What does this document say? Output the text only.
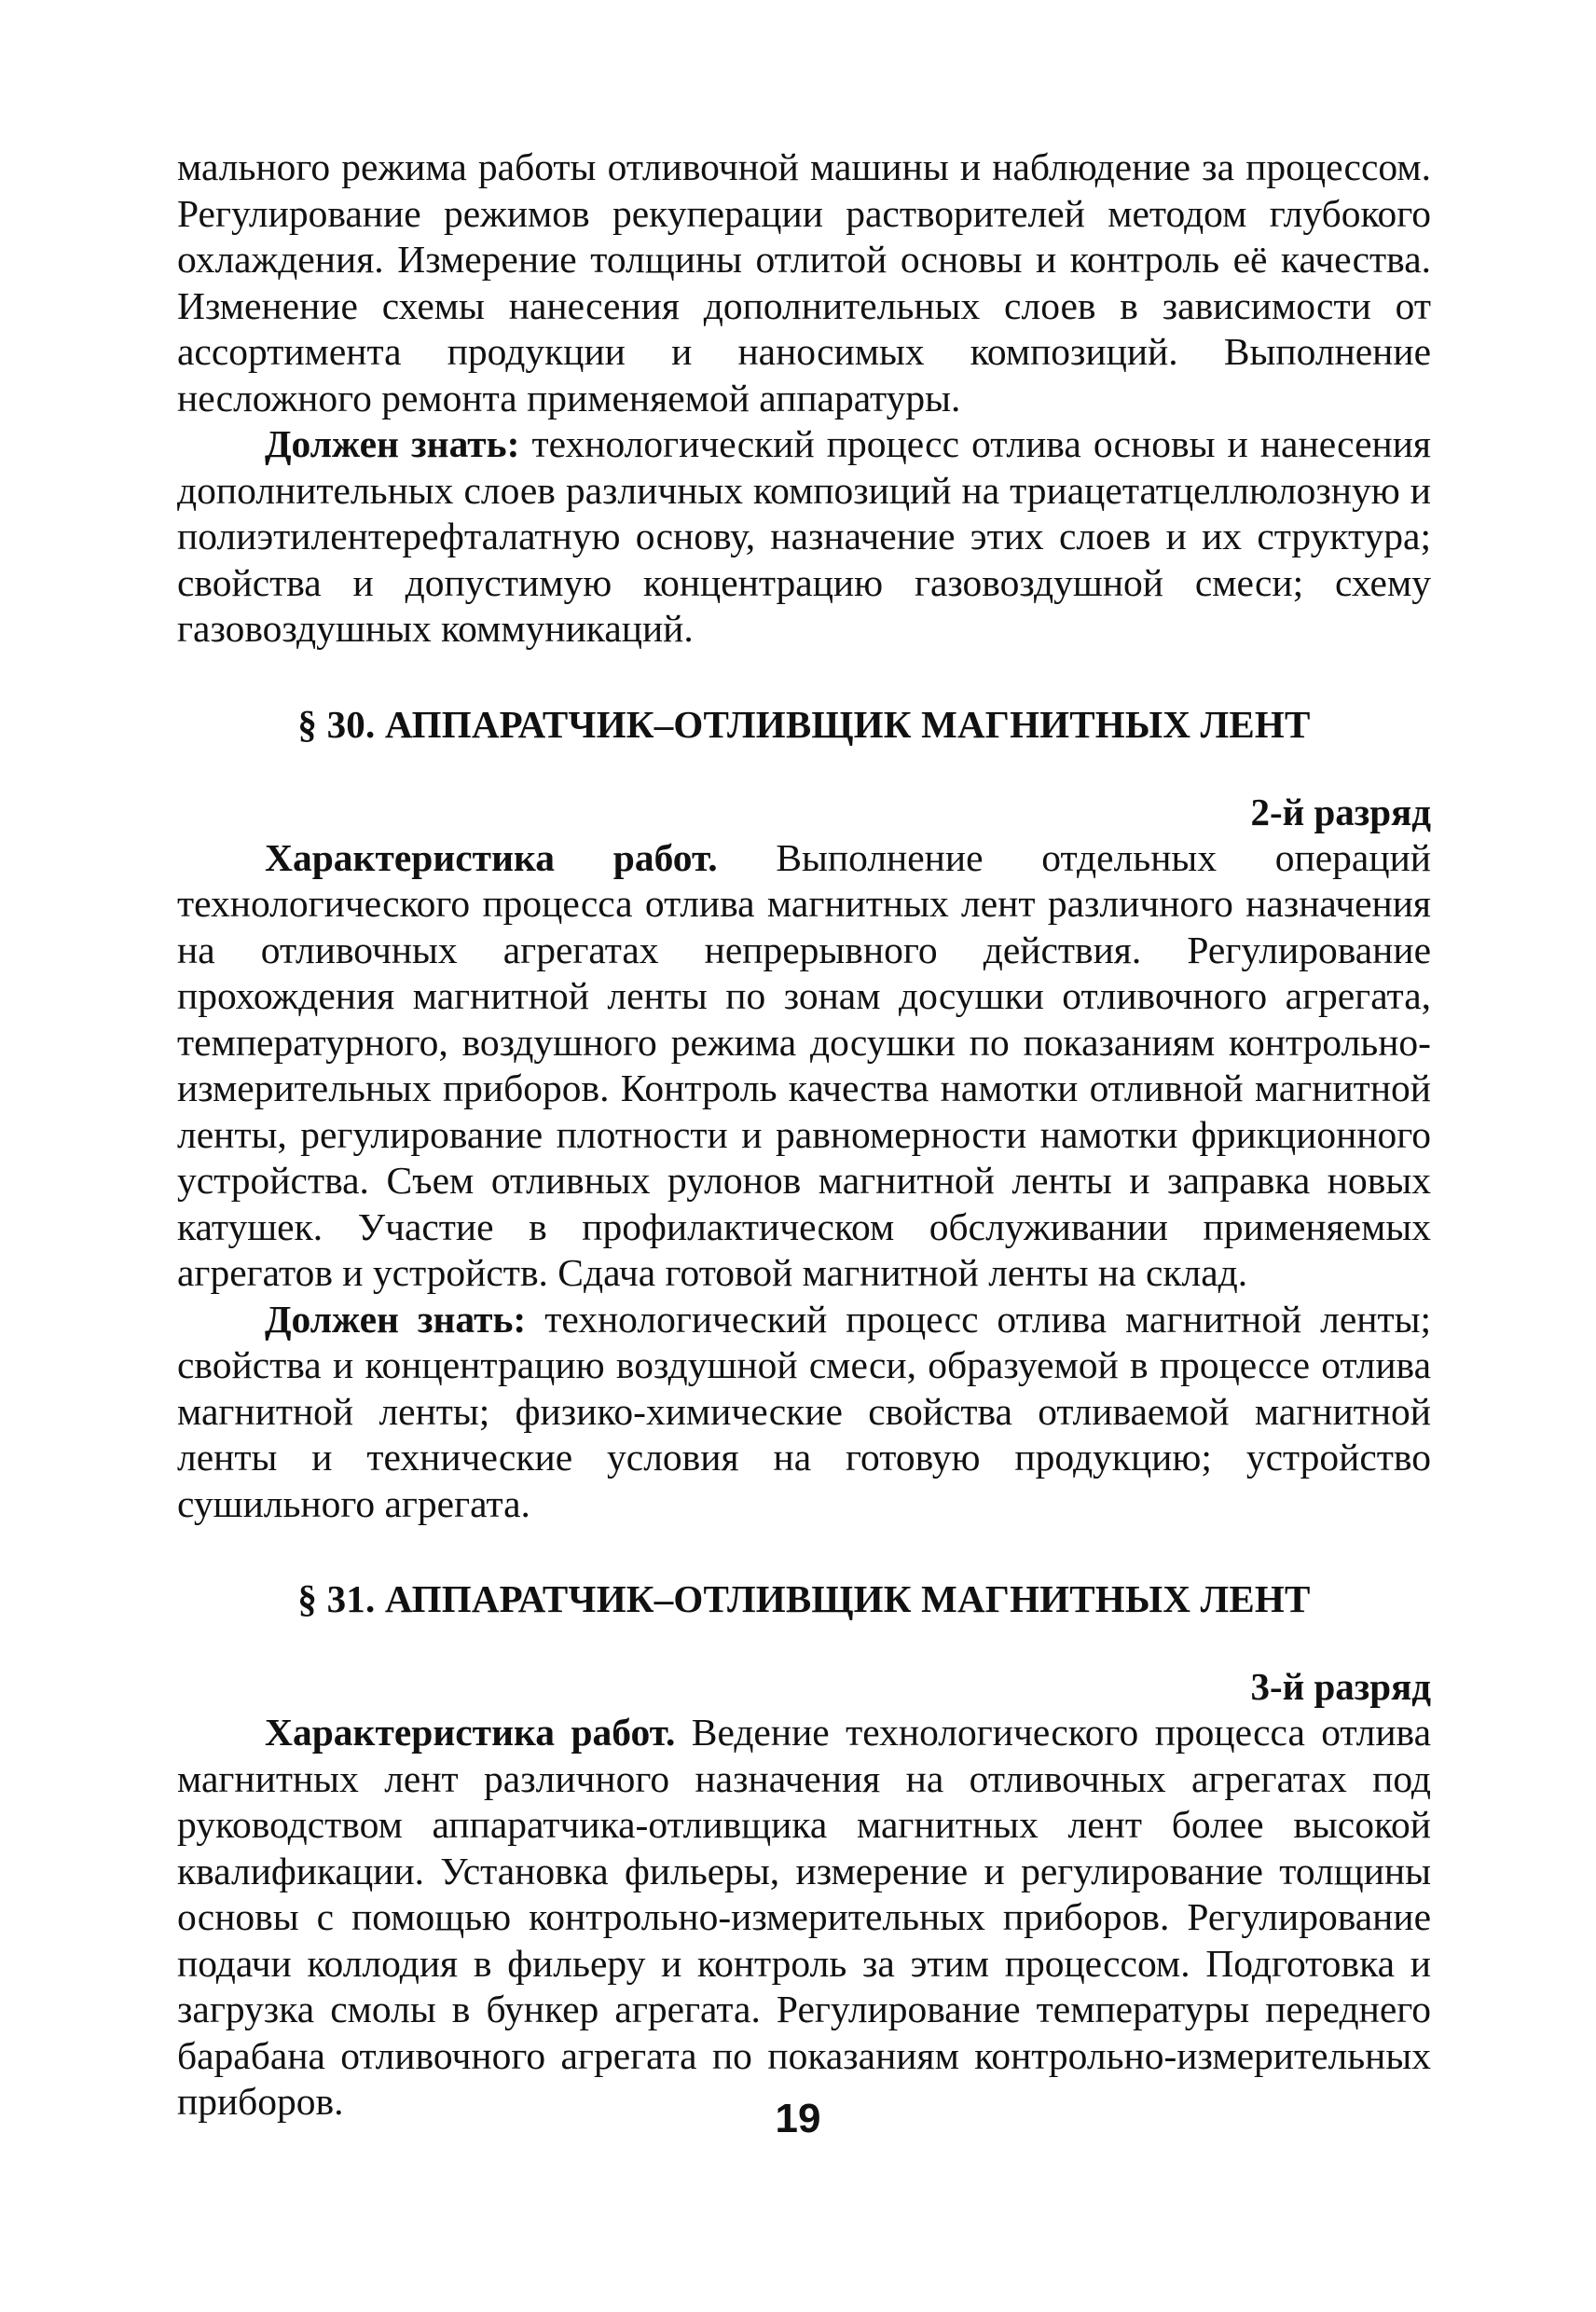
мального режима работы отливочной машины и наблюдение за процессом. Регулирование режимов рекуперации растворителей методом глубокого охлаждения. Измерение толщины отлитой основы и контроль её качества. Изменение схемы нанесения дополнительных слоев в зависимости от ассортимента продукции и наносимых композиций. Выполнение несложного ремонта применяемой аппаратуры.

Должен знать: технологический процесс отлива основы и нанесения дополнительных слоев различных композиций на триацетатцеллюлозную и полиэтилентерефталатную основу, назначение этих слоев и их структура; свойства и допустимую концентрацию газовоздушной смеси; схему газовоздушных коммуникаций.

§ 30. АППАРАТЧИК–ОТЛИВЩИК МАГНИТНЫХ ЛЕНТ

2-й разряд

Характеристика работ. Выполнение отдельных операций технологического процесса отлива магнитных лент различного назначения на отливочных агрегатах непрерывного действия. Регулирование прохождения магнитной ленты по зонам досушки отливочного агрегата, температурного, воздушного режима досушки по показаниям контрольно-измерительных приборов. Контроль качества намотки отливной магнитной ленты, регулирование плотности и равномерности намотки фрикционного устройства. Съем отливных рулонов магнитной ленты и заправка новых катушек. Участие в профилактическом обслуживании применяемых агрегатов и устройств. Сдача готовой магнитной ленты на склад.

Должен знать: технологический процесс отлива магнитной ленты; свойства и концентрацию воздушной смеси, образуемой в процессе отлива магнитной ленты; физико-химические свойства отливаемой магнитной ленты и технические условия на готовую продукцию; устройство сушильного агрегата.

§ 31. АППАРАТЧИК–ОТЛИВЩИК МАГНИТНЫХ ЛЕНТ

3-й разряд

Характеристика работ. Ведение технологического процесса отлива магнитных лент различного назначения на отливочных агрегатах под руководством аппаратчика-отливщика магнитных лент более высокой квалификации. Установка фильеры, измерение и регулирование толщины основы с помощью контрольно-измерительных приборов. Регулирование подачи коллодия в фильеру и контроль за этим процессом. Подготовка и загрузка смолы в бункер агрегата. Регулирование температуры переднего барабана отливочного агрегата по показаниям контрольно-измерительных приборов.	19
